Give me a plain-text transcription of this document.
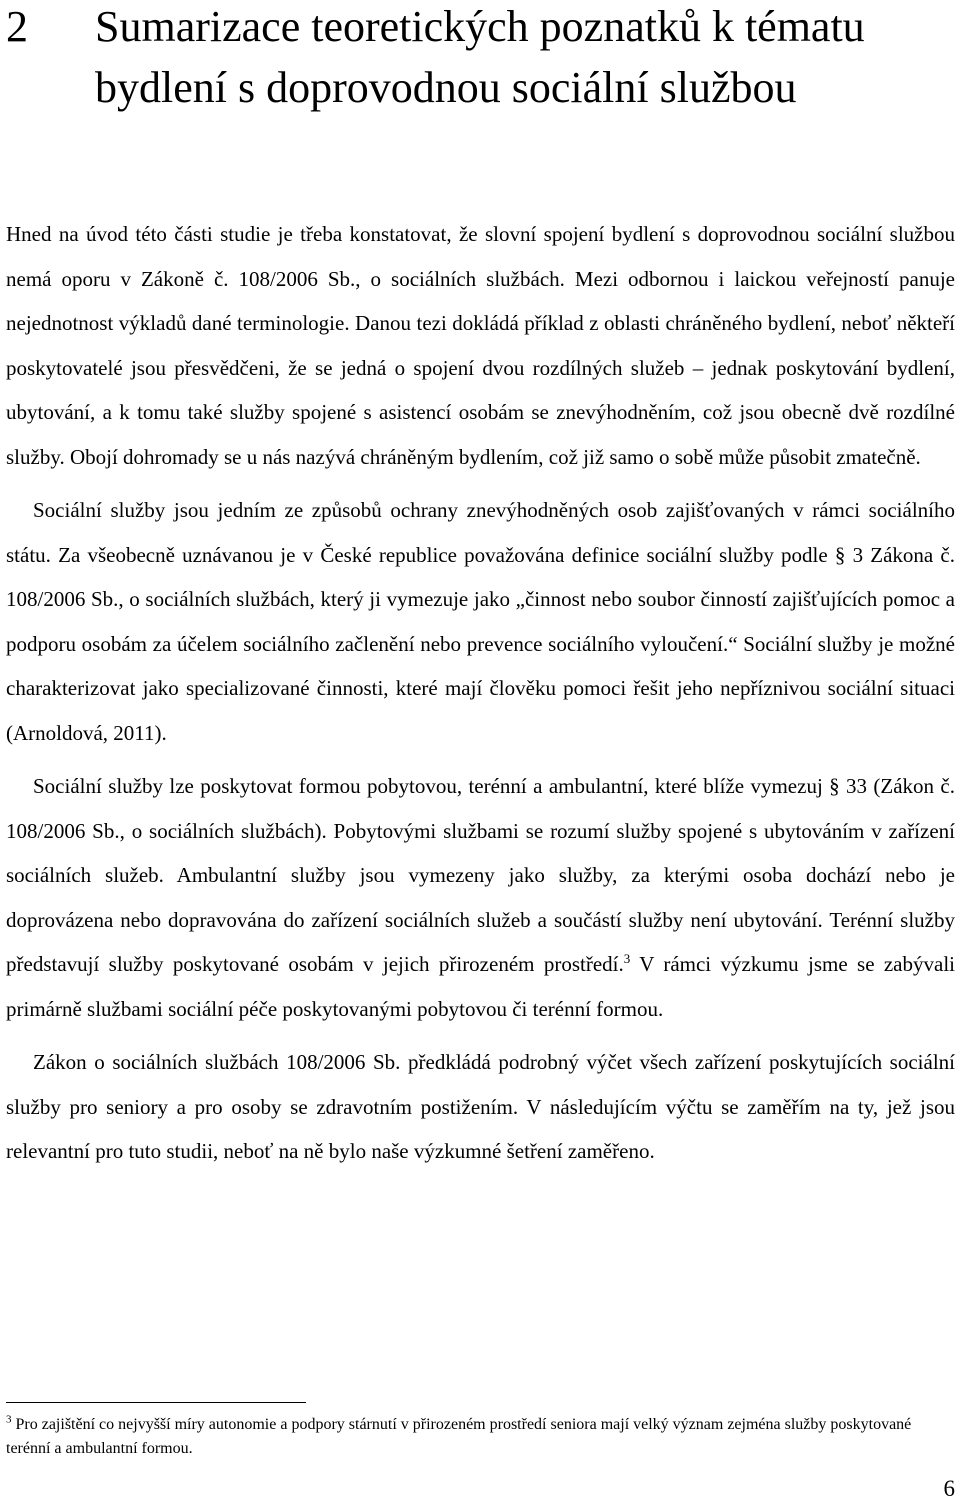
2 Sumarizace teoretických poznatků k tématu bydlení s doprovodnou sociální službou

Hned na úvod této části studie je třeba konstatovat, že slovní spojení bydlení s doprovodnou sociální službou nemá oporu v Zákoně č. 108/2006 Sb., o sociálních službách. Mezi odbornou i laickou veřejností panuje nejednotnost výkladů dané terminologie. Danou tezi dokládá příklad z oblasti chráněného bydlení, neboť někteří poskytovatelé jsou přesvědčeni, že se jedná o spojení dvou rozdílných služeb – jednak poskytování bydlení, ubytování, a k tomu také služby spojené s asistencí osobám se znevýhodněním, což jsou obecně dvě rozdílné služby. Obojí dohromady se u nás nazývá chráněným bydlením, což již samo o sobě může působit zmatečně.

Sociální služby jsou jedním ze způsobů ochrany znevýhodněných osob zajišťovaných v rámci sociálního státu. Za všeobecně uznávanou je v České republice považována definice sociální služby podle § 3 Zákona č. 108/2006 Sb., o sociálních službách, který ji vymezuje jako „činnost nebo soubor činností zajišťujících pomoc a podporu osobám za účelem sociálního začlenění nebo prevence sociálního vyloučení.“ Sociální služby je možné charakterizovat jako specializované činnosti, které mají člověku pomoci řešit jeho nepříznivou sociální situaci (Arnoldová, 2011).

Sociální služby lze poskytovat formou pobytovou, terénní a ambulantní, které blíže vymezuj § 33 (Zákon č. 108/2006 Sb., o sociálních službách). Pobytovými službami se rozumí služby spojené s ubytováním v zařízení sociálních služeb. Ambulantní služby jsou vymezeny jako služby, za kterými osoba dochází nebo je doprovázena nebo dopravována do zařízení sociálních služeb a součástí služby není ubytování. Terénní služby představují služby poskytované osobám v jejich přirozeném prostředí.$^3$ V rámci výzkumu jsme se zabývali primárně službami sociální péče poskytovanými pobytovou či terénní formou.

Zákon o sociálních službách 108/2006 Sb. předkládá podrobný výčet všech zařízení poskytujících sociální služby pro seniory a pro osoby se zdravotním postižením. V následujícím výčtu se zaměřím na ty, jež jsou relevantní pro tuto studii, neboť na ně bylo naše výzkumné šetření zaměřeno.

$^3$ Pro zajištění co nejvyšší míry autonomie a podpory stárnutí v přirozeném prostředí seniora mají velký význam zejména služby poskytované terénní a ambulantní formou.

6
